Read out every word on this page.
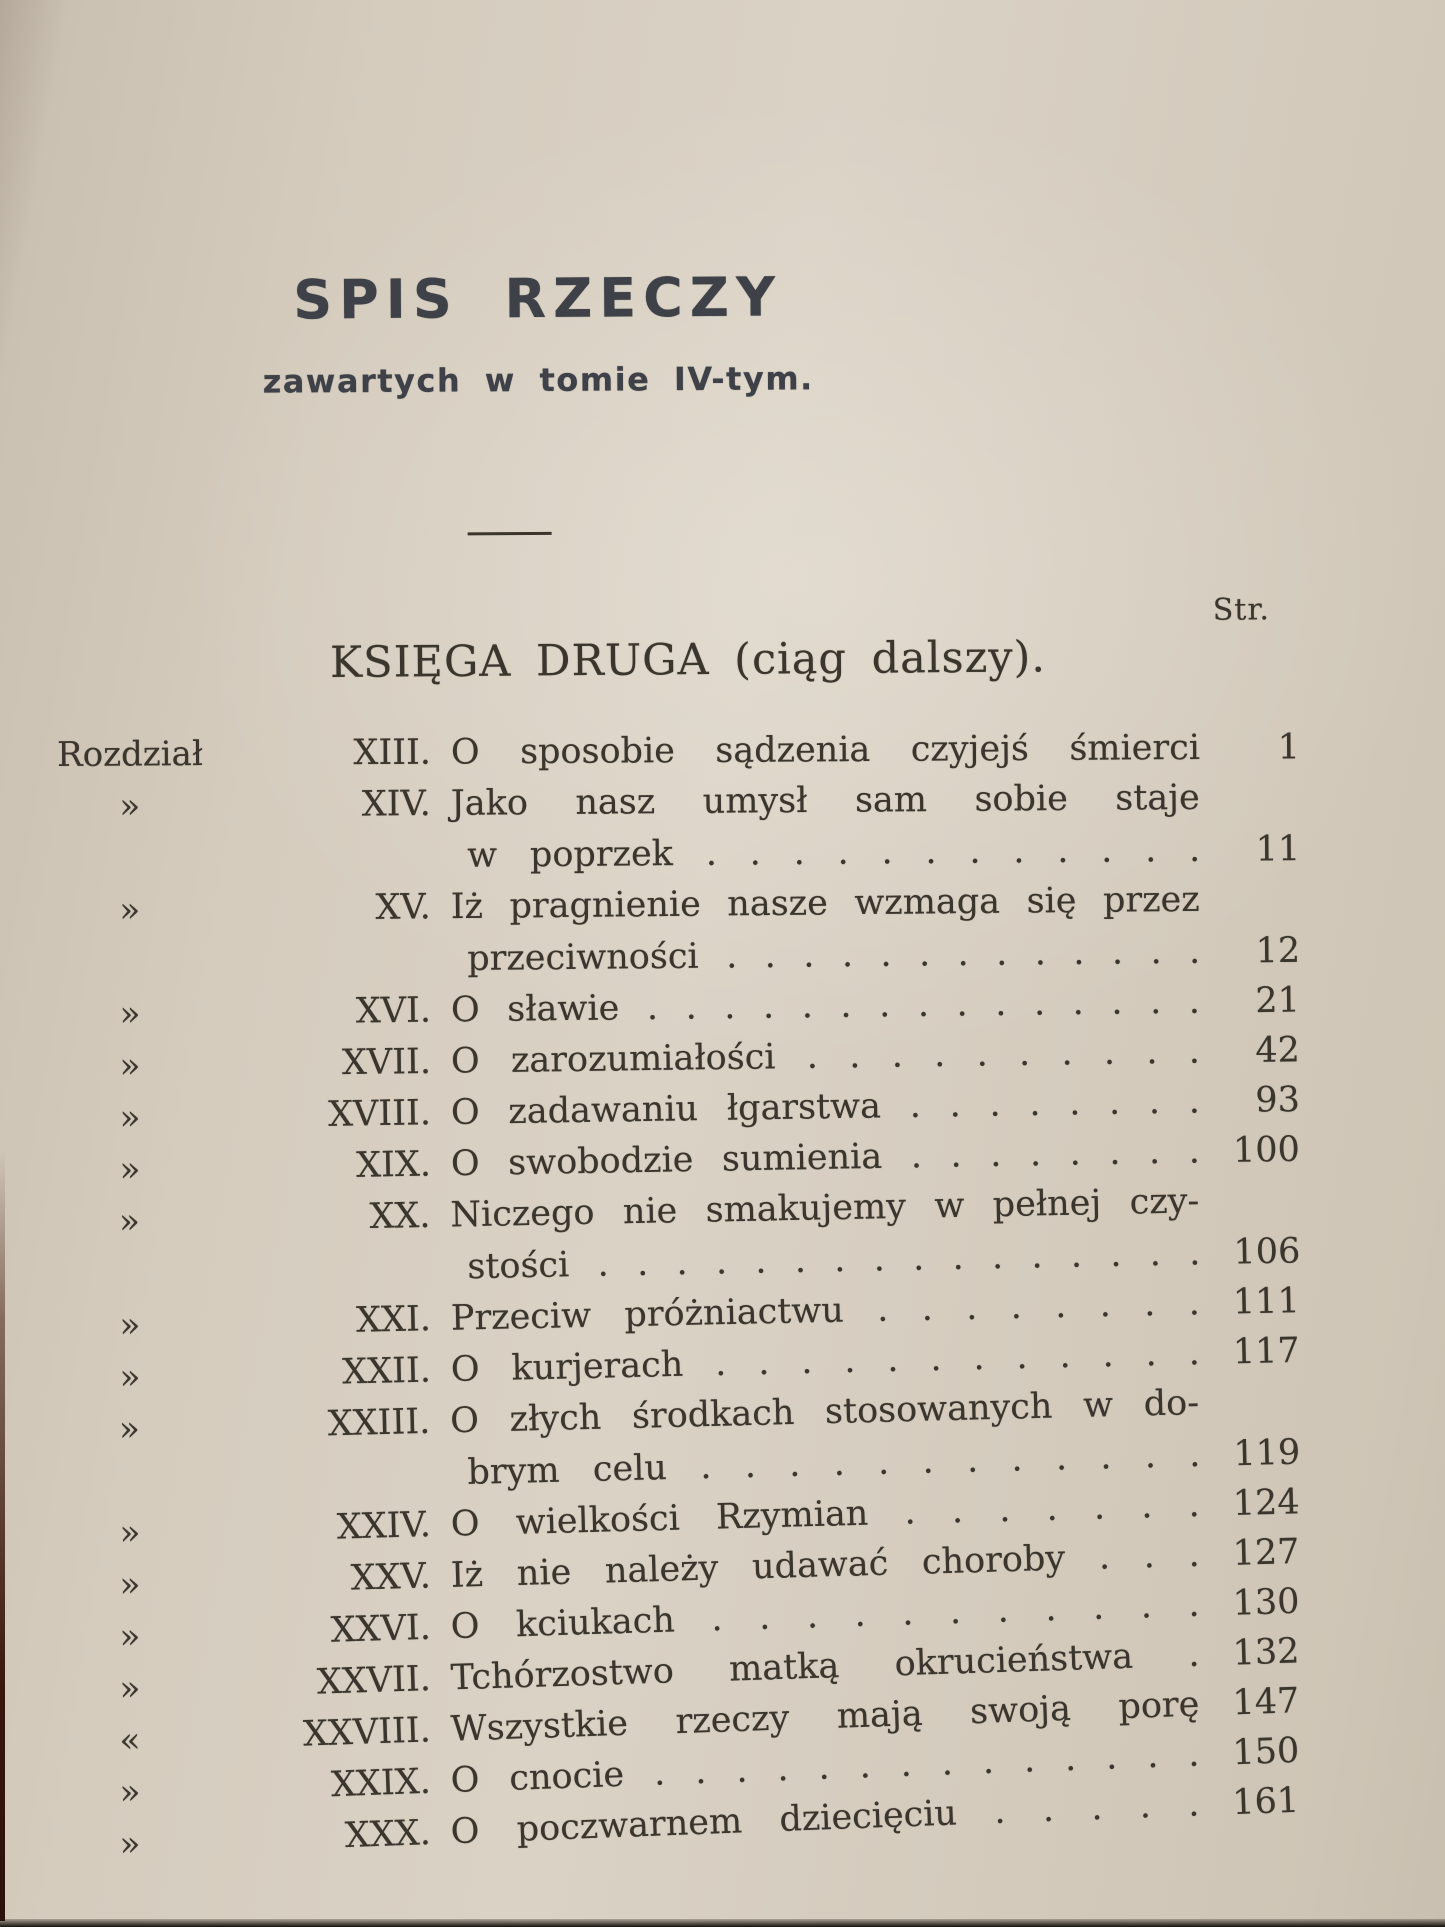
SPIS RZECZY
zawartych w tomie IV-tym.
Str.
KSIĘGA DRUGA (ciąg dalszy).
Rozdział	XIII. O sposobie sądzenia czyjejś śmierci	1
»	XIV. Jako nasz umysł sam sobie staje
w poprzek . . . . . . . . . . . .	11
»	XV. Iż pragnienie nasze wzmaga się przez
przeciwności . . . . . . . . . . . . .	12
»	XVI. O sławie . . . . . . . . . . . . . . .	21
»	XVII. O zarozumiałości . . . . . . . . . .	42
»	XVIII. O zadawaniu łgarstwa . . . . . . . .	93
»	XIX. O swobodzie sumienia . . . . . . . . 100
»	XX. Niczego nie smakujemy w pełnej czy-
stości . . . . . . . . . . . . . . . . 106
»	XXI. Przeciw próżniactwu . . . . . . . . 111
»	XXII. O kurjerach . . . . . . . . . . . . 117
»	XXIII. O złych środkach stosowanych w do-
brym celu . . . . . . . . . . . . 119
»	XXIV. O wielkości Rzymian . . . . . . . 124
»	XXV. Iż nie należy udawać choroby . . . 127
»	XXVI. O kciukach . . . . . . . . . . . 130
»	XXVII. Tchórzostwo matką okrucieństwa . 132
«	XXVIII. Wszystkie rzeczy mają swoją porę 147
»	XXIX. O cnocie . . . . . . . . . . . . . . 150
»	XXX. O poczwarnem dziecięciu . . . . . 161
